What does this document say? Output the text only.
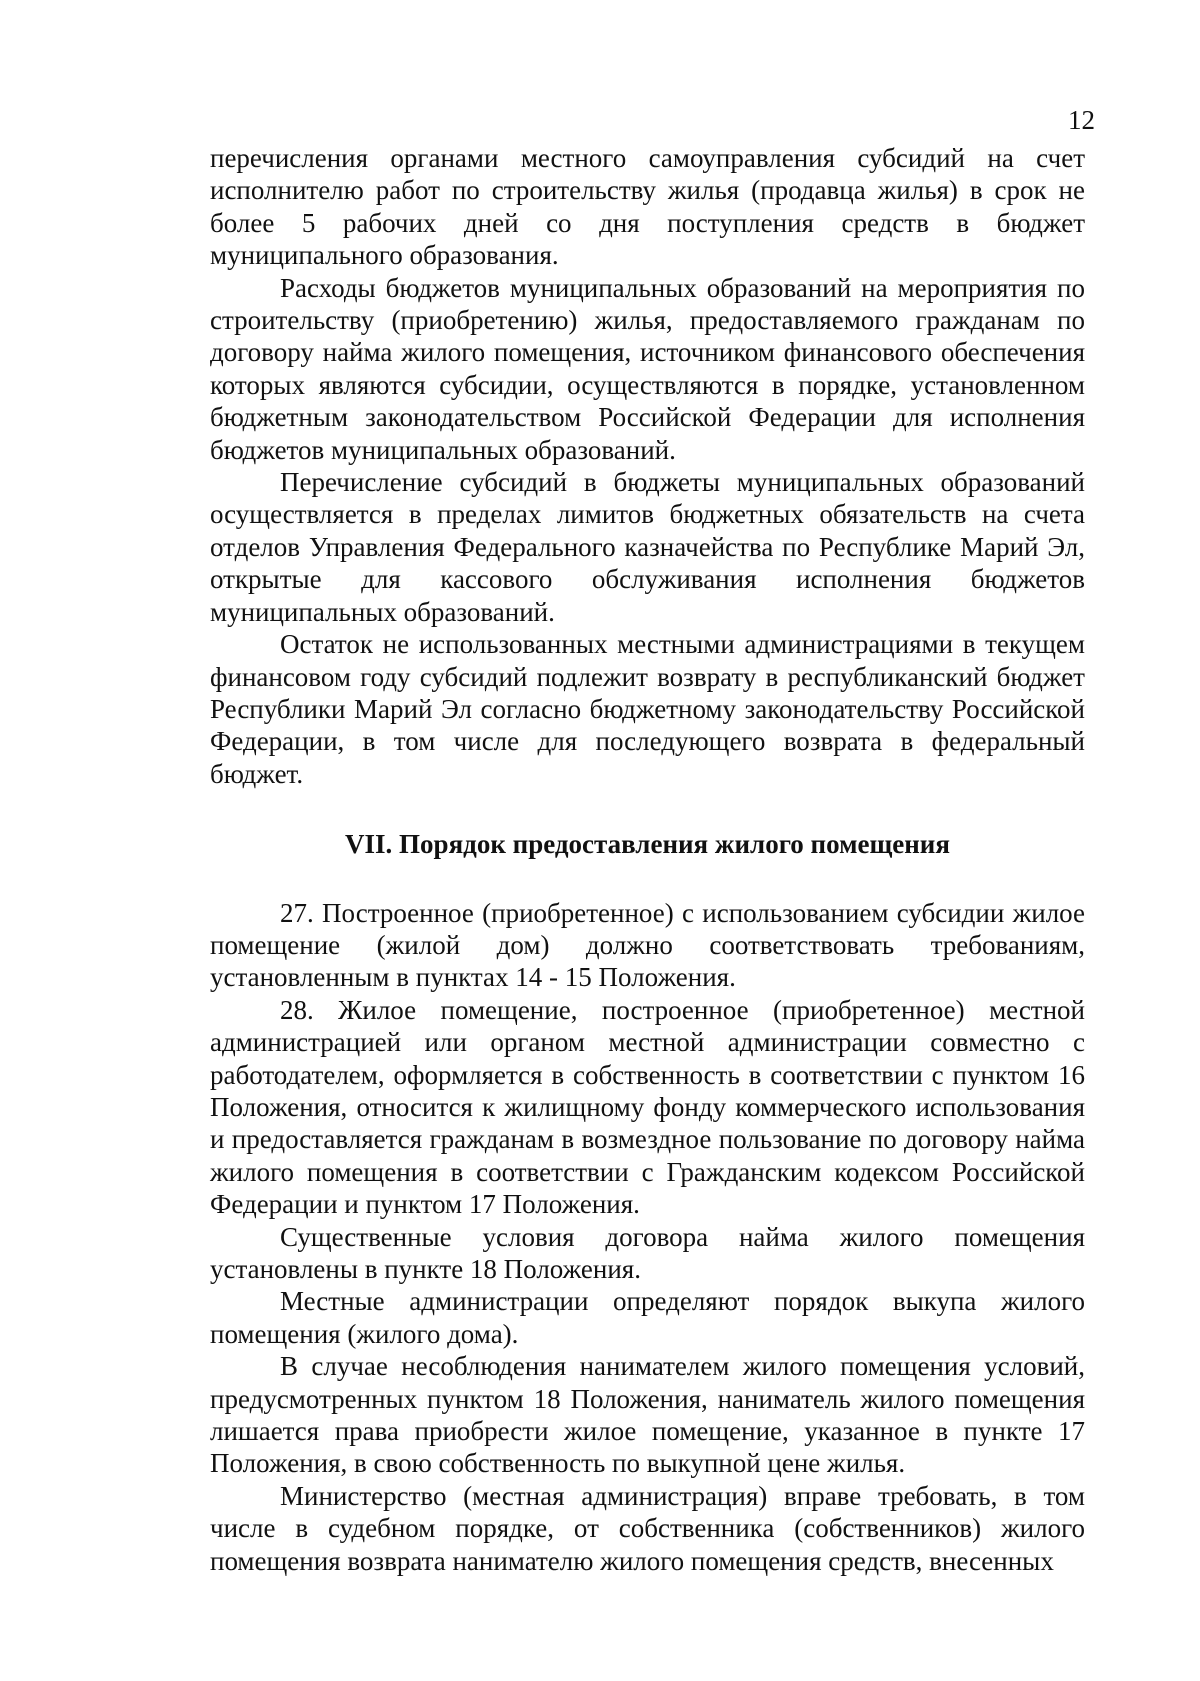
12

перечисления органами местного самоуправления субсидий на счет исполнителю работ по строительству жилья (продавца жилья) в срок не более 5 рабочих дней со дня поступления средств в бюджет муниципального образования.

Расходы бюджетов муниципальных образований на мероприятия по строительству (приобретению) жилья, предоставляемого гражданам по договору найма жилого помещения, источником финансового обеспечения которых являются субсидии, осуществляются в порядке, установленном бюджетным законодательством Российской Федерации для исполнения бюджетов муниципальных образований.

Перечисление субсидий в бюджеты муниципальных образований осуществляется в пределах лимитов бюджетных обязательств на счета отделов Управления Федерального казначейства по Республике Марий Эл, открытые для кассового обслуживания исполнения бюджетов муниципальных образований.

Остаток не использованных местными администрациями в текущем финансовом году субсидий подлежит возврату в республиканский бюджет Республики Марий Эл согласно бюджетному законодательству Российской Федерации, в том числе для последующего возврата в федеральный бюджет.

VII. Порядок предоставления жилого помещения

27. Построенное (приобретенное) с использованием субсидии жилое помещение (жилой дом) должно соответствовать требованиям, установленным в пунктах 14 - 15 Положения.

28. Жилое помещение, построенное (приобретенное) местной администрацией или органом местной администрации совместно с работодателем, оформляется в собственность в соответствии с пунктом 16 Положения, относится к жилищному фонду коммерческого использования и предоставляется гражданам в возмездное пользование по договору найма жилого помещения в соответствии с Гражданским кодексом Российской Федерации и пунктом 17 Положения.

Существенные условия договора найма жилого помещения установлены в пункте 18 Положения.

Местные администрации определяют порядок выкупа жилого помещения (жилого дома).

В случае несоблюдения нанимателем жилого помещения условий, предусмотренных пунктом 18 Положения, наниматель жилого помещения лишается права приобрести жилое помещение, указанное в пункте 17 Положения, в свою собственность по выкупной цене жилья.

Министерство (местная администрация) вправе требовать, в том числе в судебном порядке, от собственника (собственников) жилого помещения возврата нанимателю жилого помещения средств, внесенных
